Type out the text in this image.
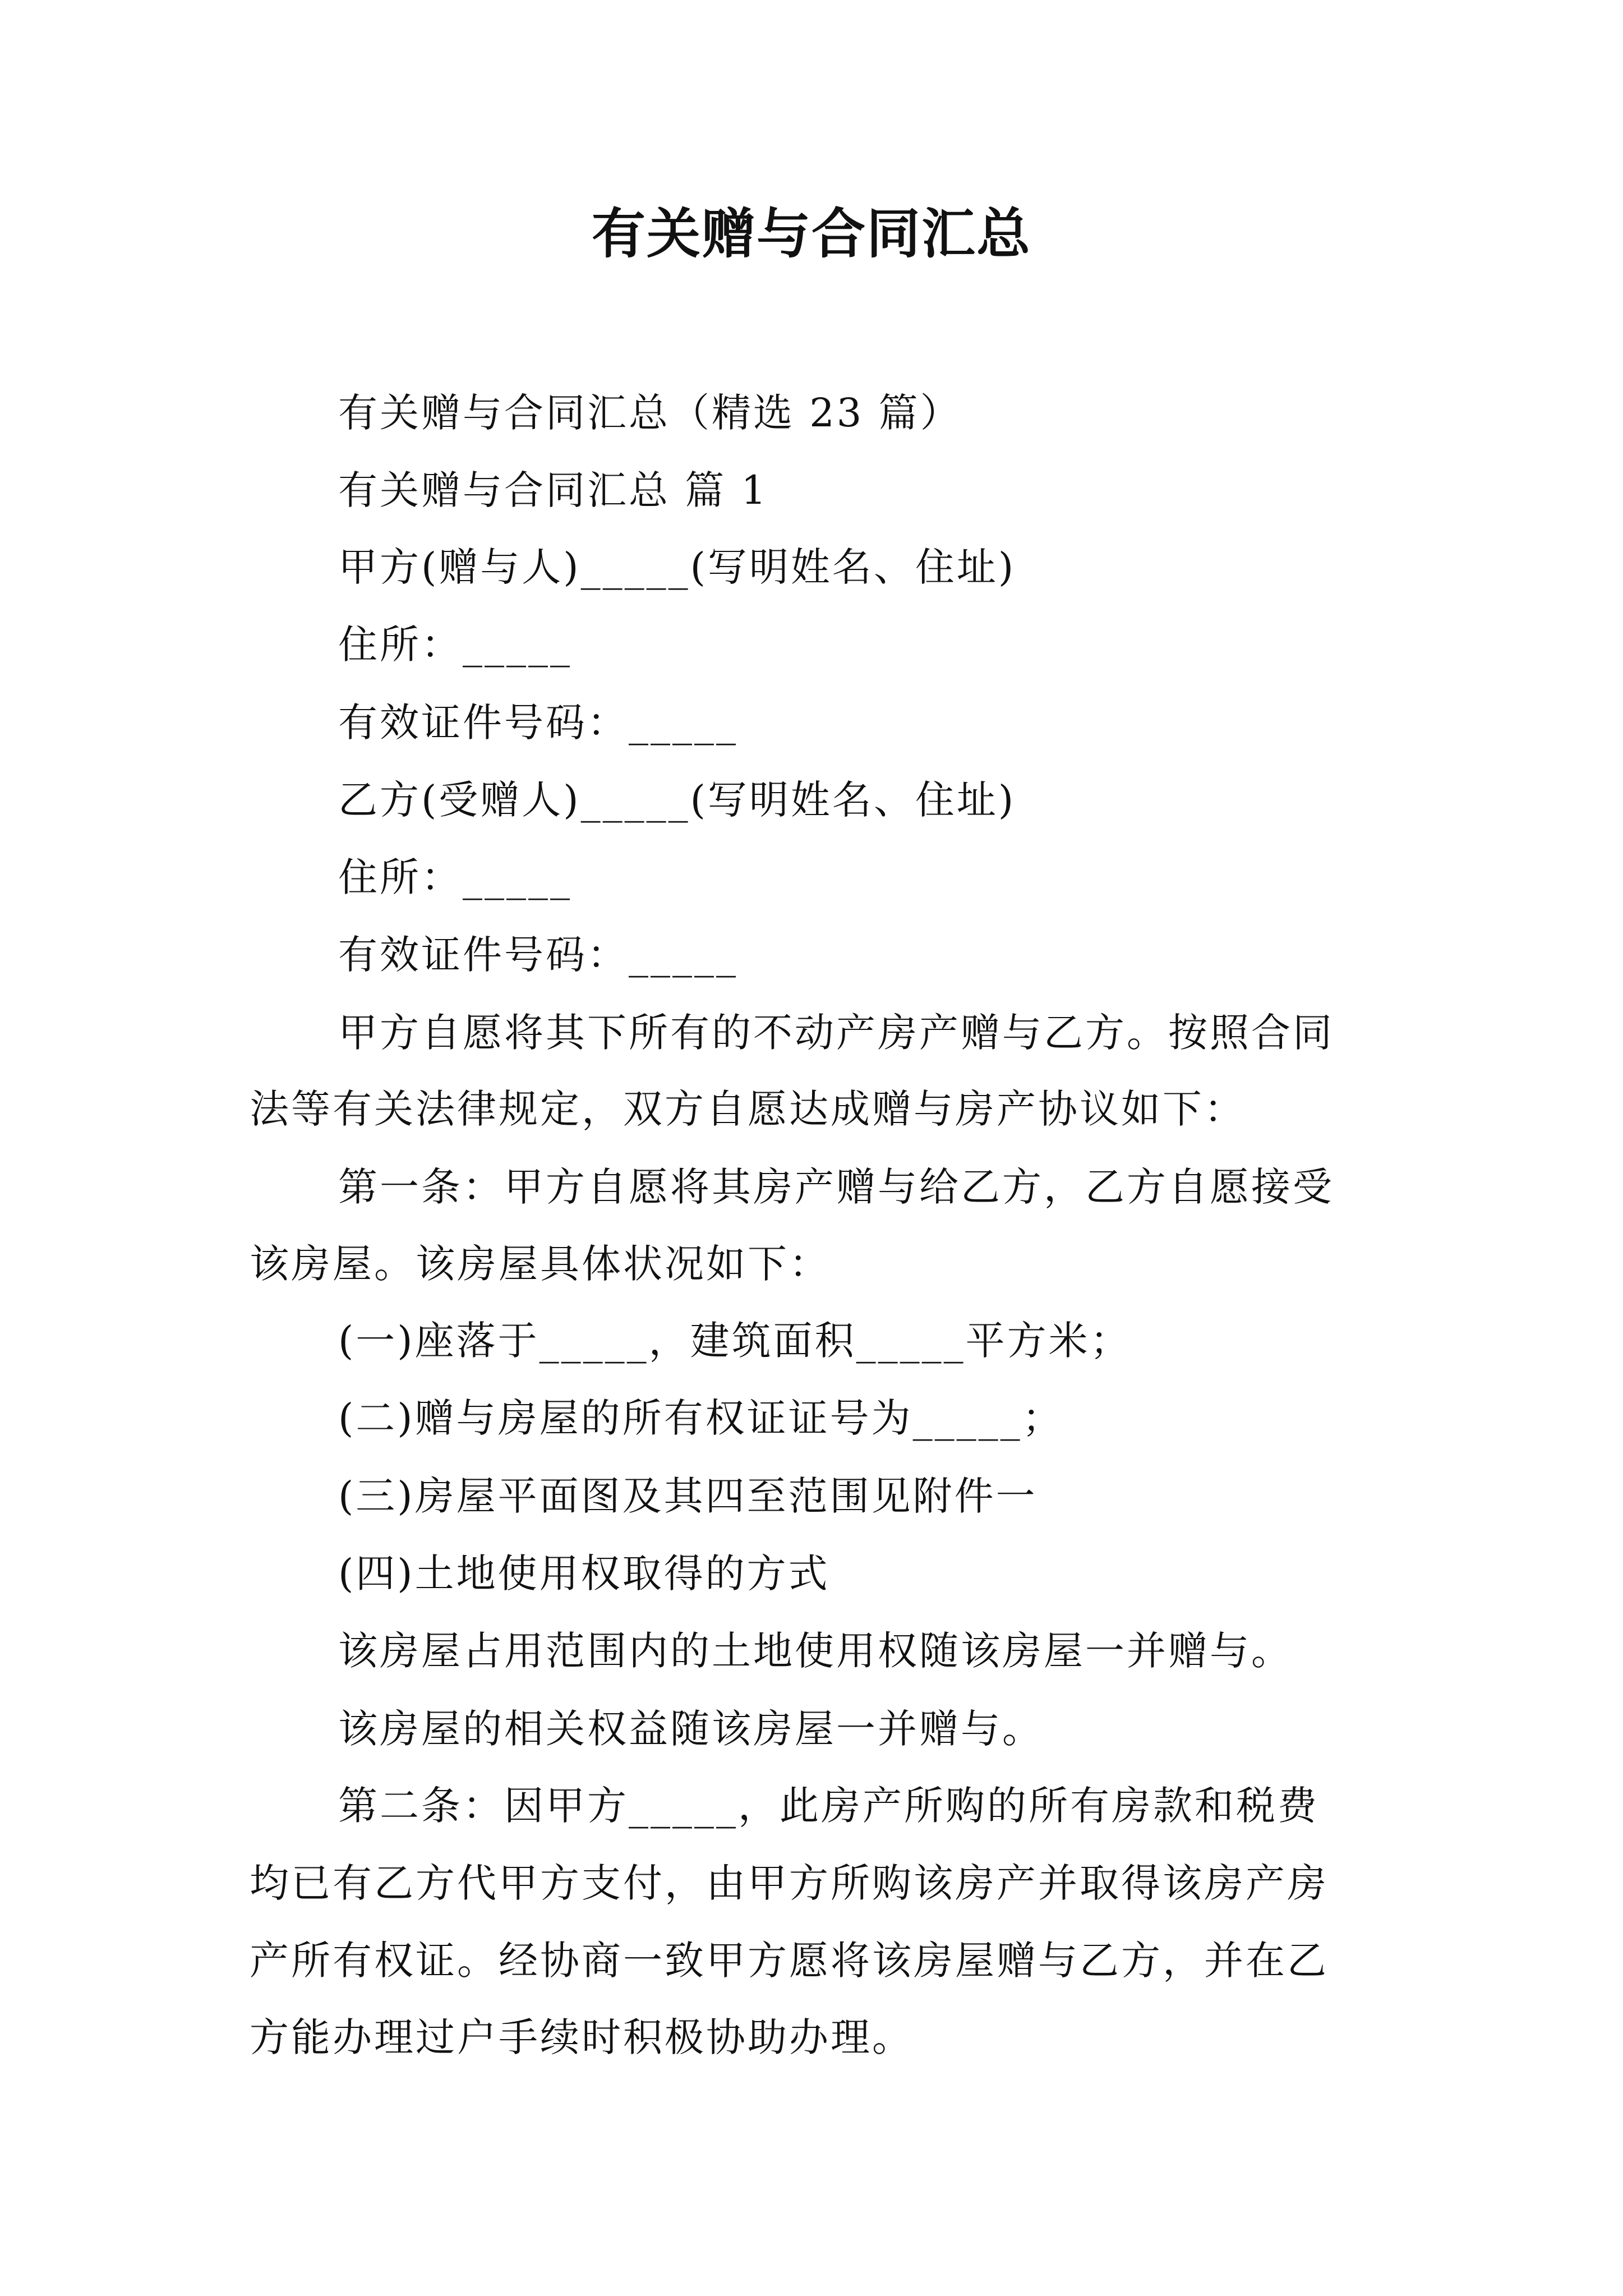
有关赠与合同汇总
有关赠与合同汇总（精选 23 篇）
有关赠与合同汇总 篇 1
甲方(赠与人)_____(写明姓名、住址)
住所：_____
有效证件号码：_____
乙方(受赠人)_____(写明姓名、住址)
住所：_____
有效证件号码：_____
甲方自愿将其下所有的不动产房产赠与乙方。按照合同
法等有关法律规定，双方自愿达成赠与房产协议如下：
第一条：甲方自愿将其房产赠与给乙方，乙方自愿接受
该房屋。该房屋具体状况如下：
(一)座落于_____，建筑面积_____平方米；
(二)赠与房屋的所有权证证号为_____；
(三)房屋平面图及其四至范围见附件一
(四)土地使用权取得的方式
该房屋占用范围内的土地使用权随该房屋一并赠与。
该房屋的相关权益随该房屋一并赠与。
第二条：因甲方_____，此房产所购的所有房款和税费
均已有乙方代甲方支付，由甲方所购该房产并取得该房产房
产所有权证。经协商一致甲方愿将该房屋赠与乙方，并在乙
方能办理过户手续时积极协助办理。
